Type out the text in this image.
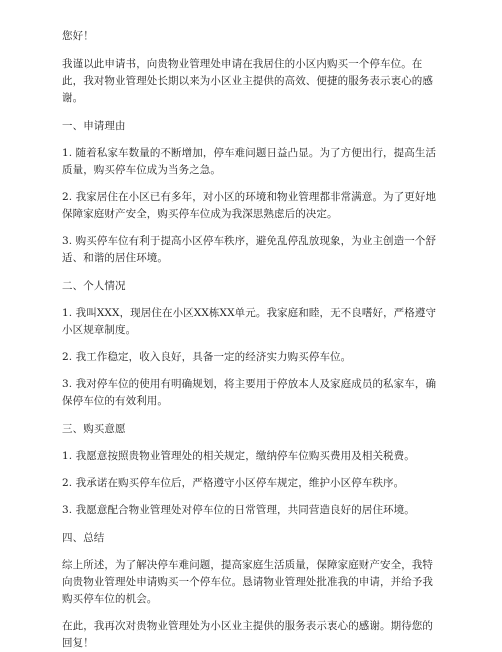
您好！

我谨以此申请书，向贵物业管理处申请在我居住的小区内购买一个停车位。在此，我对物业管理处长期以来为小区业主提供的高效、便捷的服务表示衷心的感谢。

一、申请理由

1. 随着私家车数量的不断增加，停车难问题日益凸显。为了方便出行，提高生活质量，购买停车位成为当务之急。

2. 我家居住在小区已有多年，对小区的环境和物业管理都非常满意。为了更好地保障家庭财产安全，购买停车位成为我深思熟虑后的决定。

3. 购买停车位有利于提高小区停车秩序，避免乱停乱放现象，为业主创造一个舒适、和谐的居住环境。

二、个人情况

1. 我叫XXX，现居住在小区XX栋XX单元。我家庭和睦，无不良嗜好，严格遵守小区规章制度。

2. 我工作稳定，收入良好，具备一定的经济实力购买停车位。

3. 我对停车位的使用有明确规划，将主要用于停放本人及家庭成员的私家车，确保停车位的有效利用。

三、购买意愿

1. 我愿意按照贵物业管理处的相关规定，缴纳停车位购买费用及相关税费。

2. 我承诺在购买停车位后，严格遵守小区停车规定，维护小区停车秩序。

3. 我愿意配合物业管理处对停车位的日常管理，共同营造良好的居住环境。

四、总结

综上所述，为了解决停车难问题，提高家庭生活质量，保障家庭财产安全，我特向贵物业管理处申请购买一个停车位。恳请物业管理处批准我的申请，并给予我购买停车位的机会。

在此，我再次对贵物业管理处为小区业主提供的服务表示衷心的感谢。期待您的回复！
